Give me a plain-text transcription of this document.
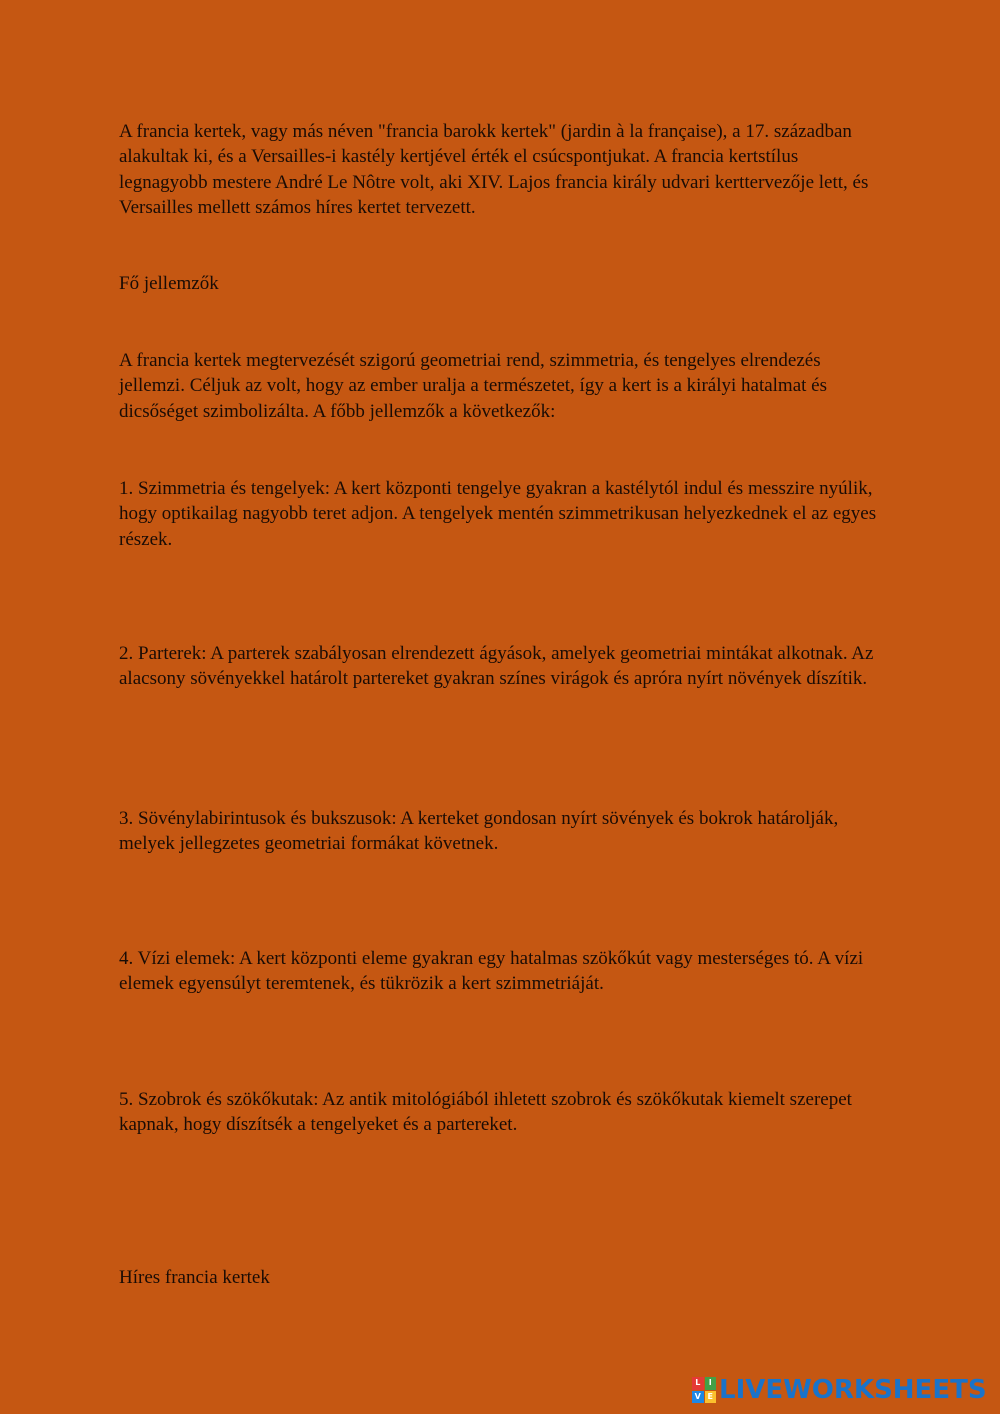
A francia kertek, vagy más néven "francia barokk kertek" (jardin à la française), a 17. században alakultak ki, és a Versailles-i kastély kertjével érték el csúcspontjukat. A francia kertstílus legnagyobb mestere André Le Nôtre volt, aki XIV. Lajos francia király udvari kerttervezője lett, és Versailles mellett számos híres kertet tervezett.

Fő jellemzők

A francia kertek megtervezését szigorú geometriai rend, szimmetria, és tengelyes elrendezés jellemzi. Céljuk az volt, hogy az ember uralja a természetet, így a kert is a királyi hatalmat és dicsőséget szimbolizálta. A főbb jellemzők a következők:

1. Szimmetria és tengelyek: A kert központi tengelye gyakran a kastélytól indul és messzire nyúlik, hogy optikailag nagyobb teret adjon. A tengelyek mentén szimmetrikusan helyezkednek el az egyes részek.

2. Parterek: A parterek szabályosan elrendezett ágyások, amelyek geometriai mintákat alkotnak. Az alacsony sövényekkel határolt partereket gyakran színes virágok és apróra nyírt növények díszítik.

3. Sövénylabirintusok és bukszusok: A kerteket gondosan nyírt sövények és bokrok határolják, melyek jellegzetes geometriai formákat követnek.

4. Vízi elemek: A kert központi eleme gyakran egy hatalmas szökőkút vagy mesterséges tó. A vízi elemek egyensúlyt teremtenek, és tükrözik a kert szimmetriáját.

5. Szobrok és szökőkutak: Az antik mitológiából ihletett szobrok és szökőkutak kiemelt szerepet kapnak, hogy díszítsék a tengelyeket és a partereket.

Híres francia kertek

L	I
V E LIVEWORKSHEETS
